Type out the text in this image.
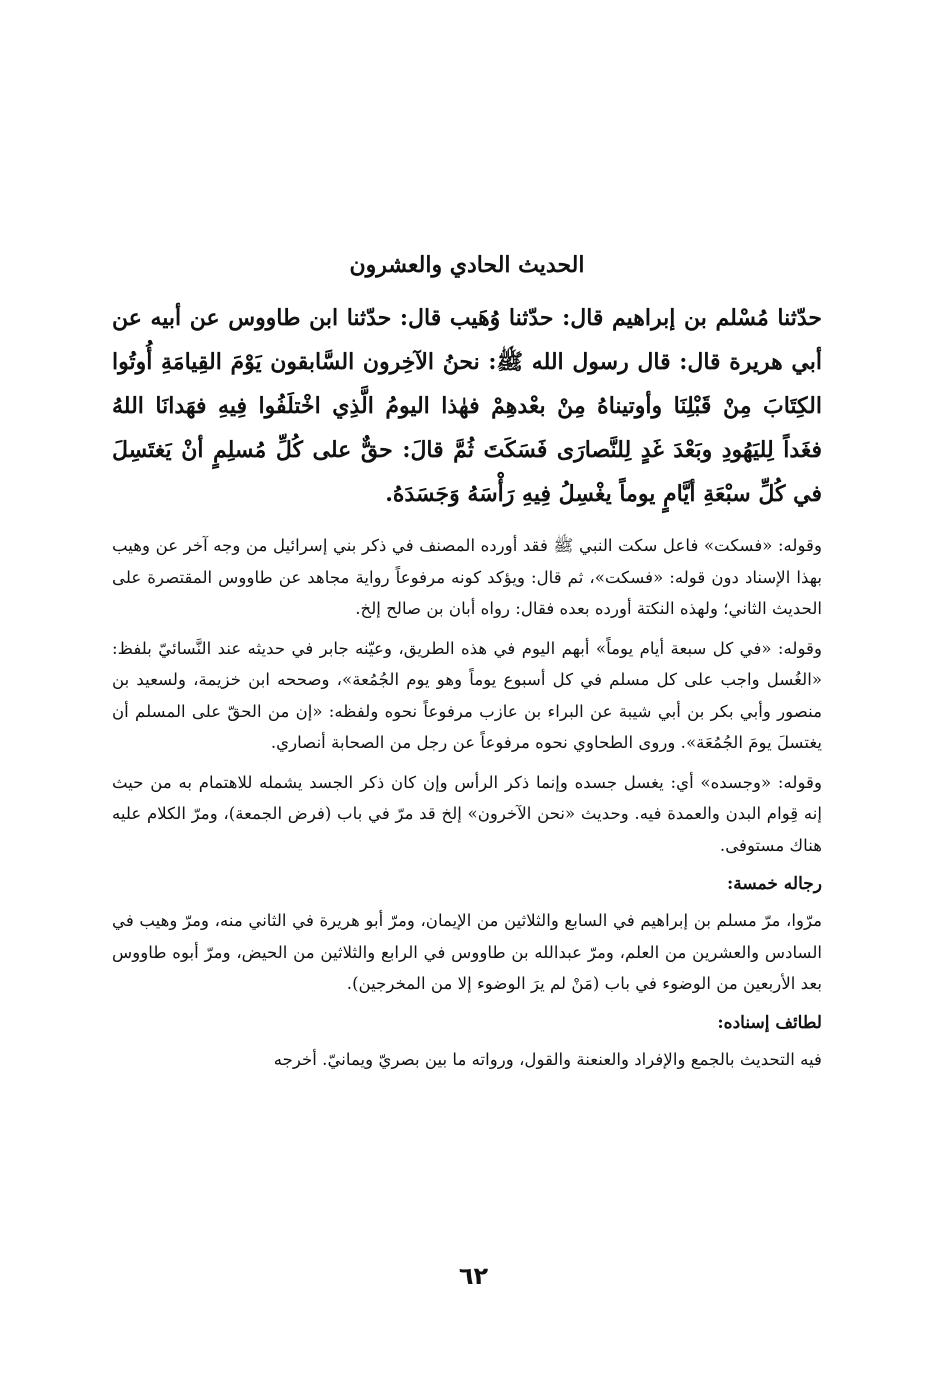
الحديث الحادي والعشرون

حدّثنا مُسْلم بن إبراهيم قال: حدّثنا وُهَيب قال: حدّثنا ابن طاووس عن أبيه عن أبي هريرة قال: قال رسول الله ﷺ: نحنُ الآخِرون السَّابقون يَوْمَ القِيامَةِ أُوتُوا الكِتَابَ مِنْ قَبْلِنَا وأوتيناهُ مِنْ بعْدهِمْ فهٰذا اليومُ الَّذِي اخْتلَفُوا فِيهِ فهَدانَا اللهُ فغَداً لِليَهُودِ وبَعْدَ غَدٍ لِلنَّصارَى فَسَكَتَ ثُمَّ قالَ: حقٌّ على كُلِّ مُسلِمٍ أنْ يَغتَسِلَ في كُلِّ سبْعَةِ أيَّامٍ يوماً يغْسِلُ فِيهِ رَأْسَهُ وَجَسَدَهُ.

وقوله: «فسكت» فاعل سكت النبي ﷺ فقد أورده المصنف في ذكر بني إسرائيل من وجه آخر عن وهيب بهذا الإسناد دون قوله: «فسكت»، ثم قال: ويؤكد كونه مرفوعاً رواية مجاهد عن طاووس المقتصرة على الحديث الثاني؛ ولهذه النكتة أورده بعده فقال: رواه أبان بن صالح إلخ.

وقوله: «في كل سبعة أيام يوماً» أبهم اليوم في هذه الطريق، وعيّنه جابر في حديثه عند النَّسائيّ بلفظ: «الغُسل واجب على كل مسلم في كل أسبوع يوماً وهو يوم الجُمُعة»، وصححه ابن خزيمة، ولسعيد بن منصور وأبي بكر بن أبي شيبة عن البراء بن عازب مرفوعاً نحوه ولفظه: «إن من الحقّ على المسلم أن يغتسلَ يومَ الجُمُعَة». وروى الطحاوي نحوه مرفوعاً عن رجل من الصحابة أنصاري.

وقوله: «وجسده» أي: يغسل جسده وإنما ذكر الرأس وإن كان ذكر الجسد يشمله للاهتمام به من حيث إنه قِوام البدن والعمدة فيه. وحديث «نحن الآخرون» إلخ قد مرّ في باب (فرض الجمعة)، ومرّ الكلام عليه هناك مستوفى.

رجاله خمسة:

مرّوا، مرّ مسلم بن إبراهيم في السابع والثلاثين من الإيمان، ومرّ أبو هريرة في الثاني منه، ومرّ وهيب في السادس والعشرين من العلم، ومرّ عبدالله بن طاووس في الرابع والثلاثين من الحيض، ومرّ أبوه طاووس بعد الأربعين من الوضوء في باب (مَنْ لم يرَ الوضوء إلا من المخرجين).

لطائف إسناده:

فيه التحديث بالجمع والإفراد والعنعنة والقول، ورواته ما بين بصريّ ويمانيّ. أخرجه

٦٢
